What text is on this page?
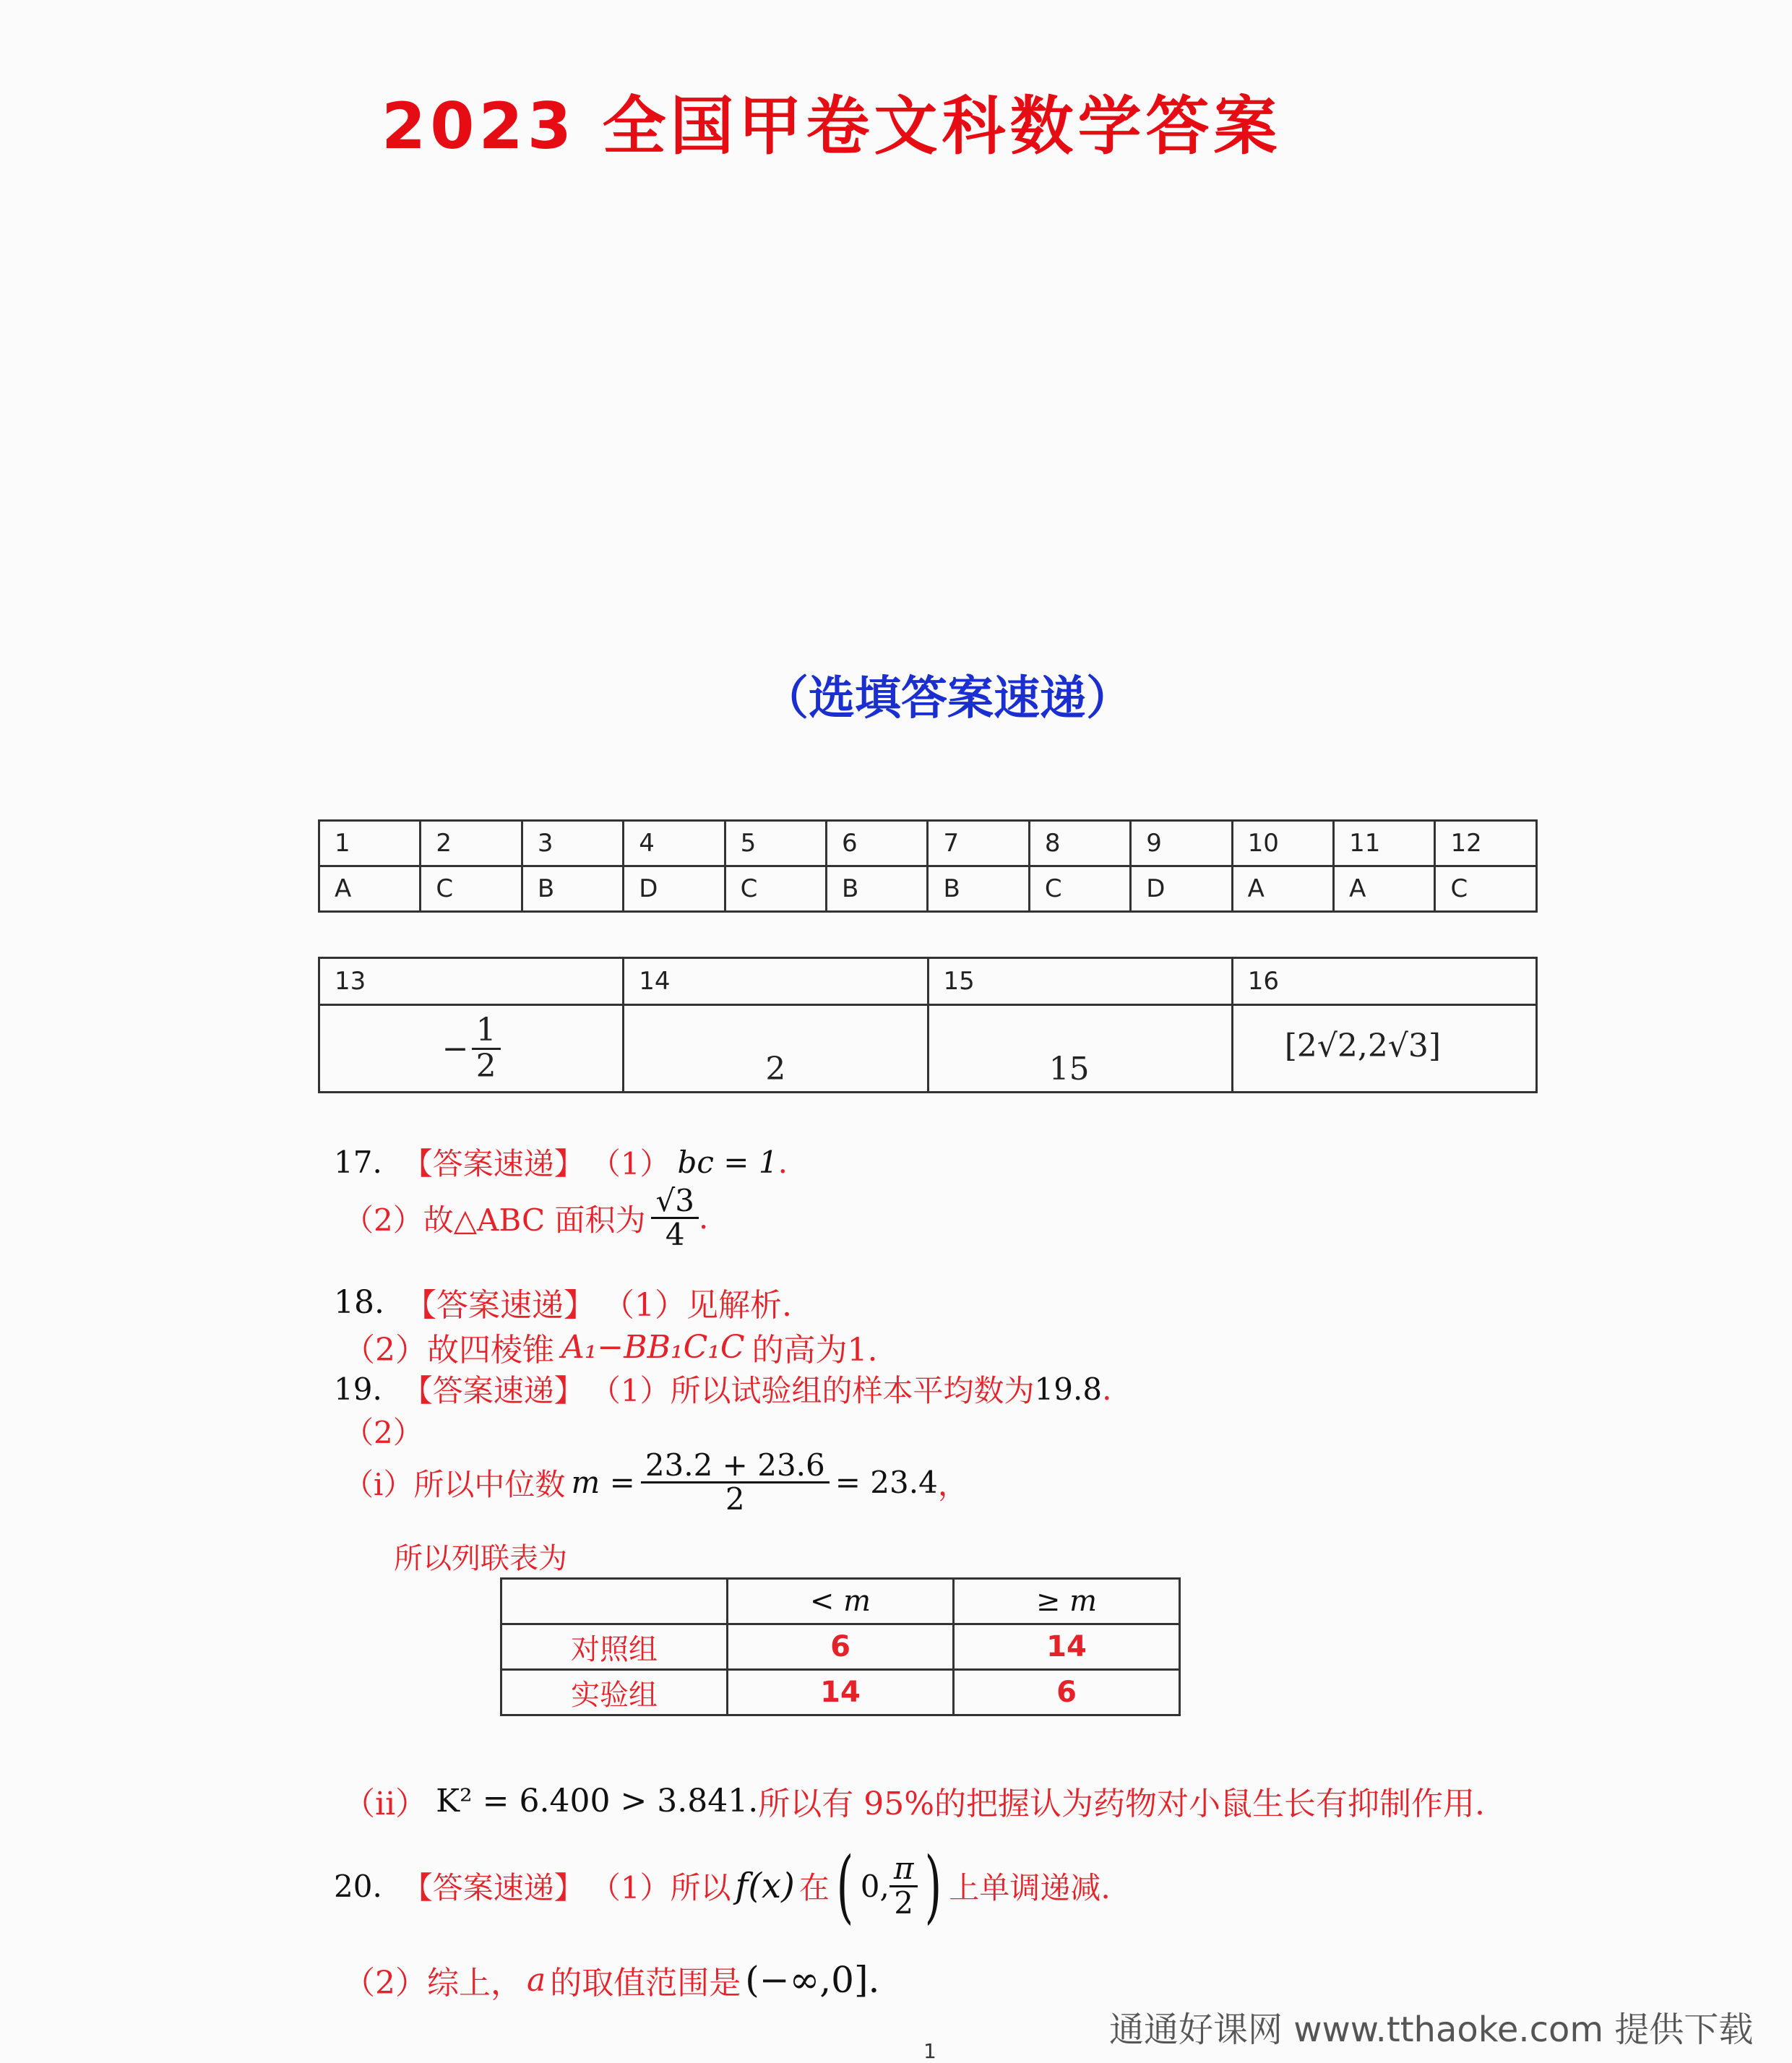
2023 全国甲卷文科数学答案
（选填答案速递）
1	2	3	4	5	6	7	8	9	10	11	12
A	C	B	D	C	B	B	C	D	A	A	C
13	14	15	16
− $\frac{1}{2}$	2	15	[2√2,2√3]
17. 【答案速递】 （1） bc = 1 .
（2）故△ABC 面积为 $\frac{√3}{4}$ .
18. 【答案速递】 （1）见解析.
（2）故四棱锥 A₁−BB₁C₁C 的高为1.
19. 【答案速递】 （1）所以试验组的样本平均数为 19.8 .
（2）
（i）所以中位数 $m = \frac{23.2 + 23.6}{2} = 23.4$ ，
所以列联表为
	< m	≥ m
对照组	6	14
实验组	14	6
（ii） K² = 6.400 > 3.841. 所以有 95%的把握认为药物对小鼠生长有抑制作用.
20. 【答案速递】 （1）所以 f(x) 在 ( 0, $\frac{\pi}{2}$ ) 上单调递减.
（2）综上， a 的取值范围是 (−∞,0].
通通好课网 www.tthaoke.com 提供下载
1
